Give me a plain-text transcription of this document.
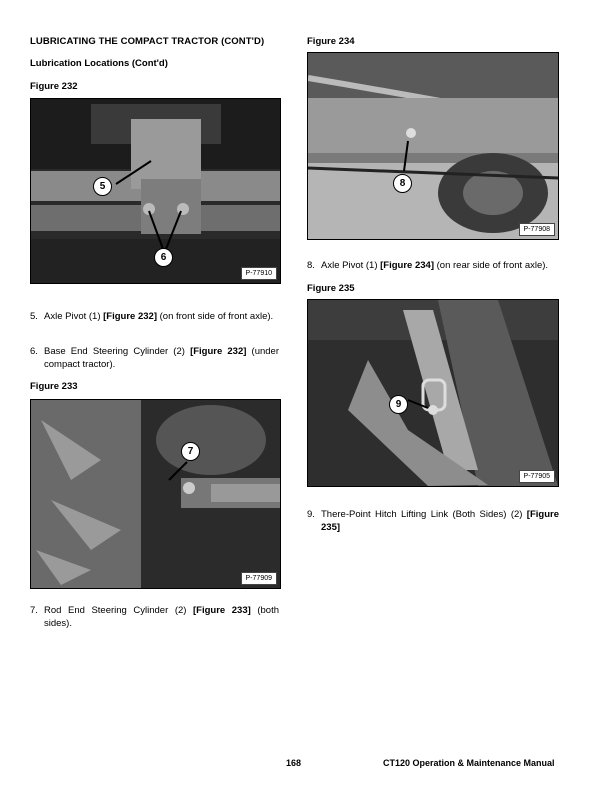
LUBRICATING THE COMPACT TRACTOR (CONT'D)
Lubrication Locations (Cont'd)
Figure 232
5
6
P-77910
5. Axle Pivot (1) [Figure 232] (on front side of front axle).
6. Base End Steering Cylinder (2) [Figure 232] (under compact tractor).
Figure 233
7
P-77909
7. Rod End Steering Cylinder (2) [Figure 233] (both sides).
Figure 234
8
P-77908
8. Axle Pivot (1) [Figure 234] (on rear side of front axle).
Figure 235
9
P-77905
9. There-Point Hitch Lifting Link (Both Sides) (2) [Figure 235]
168	CT120 Operation & Maintenance Manual
